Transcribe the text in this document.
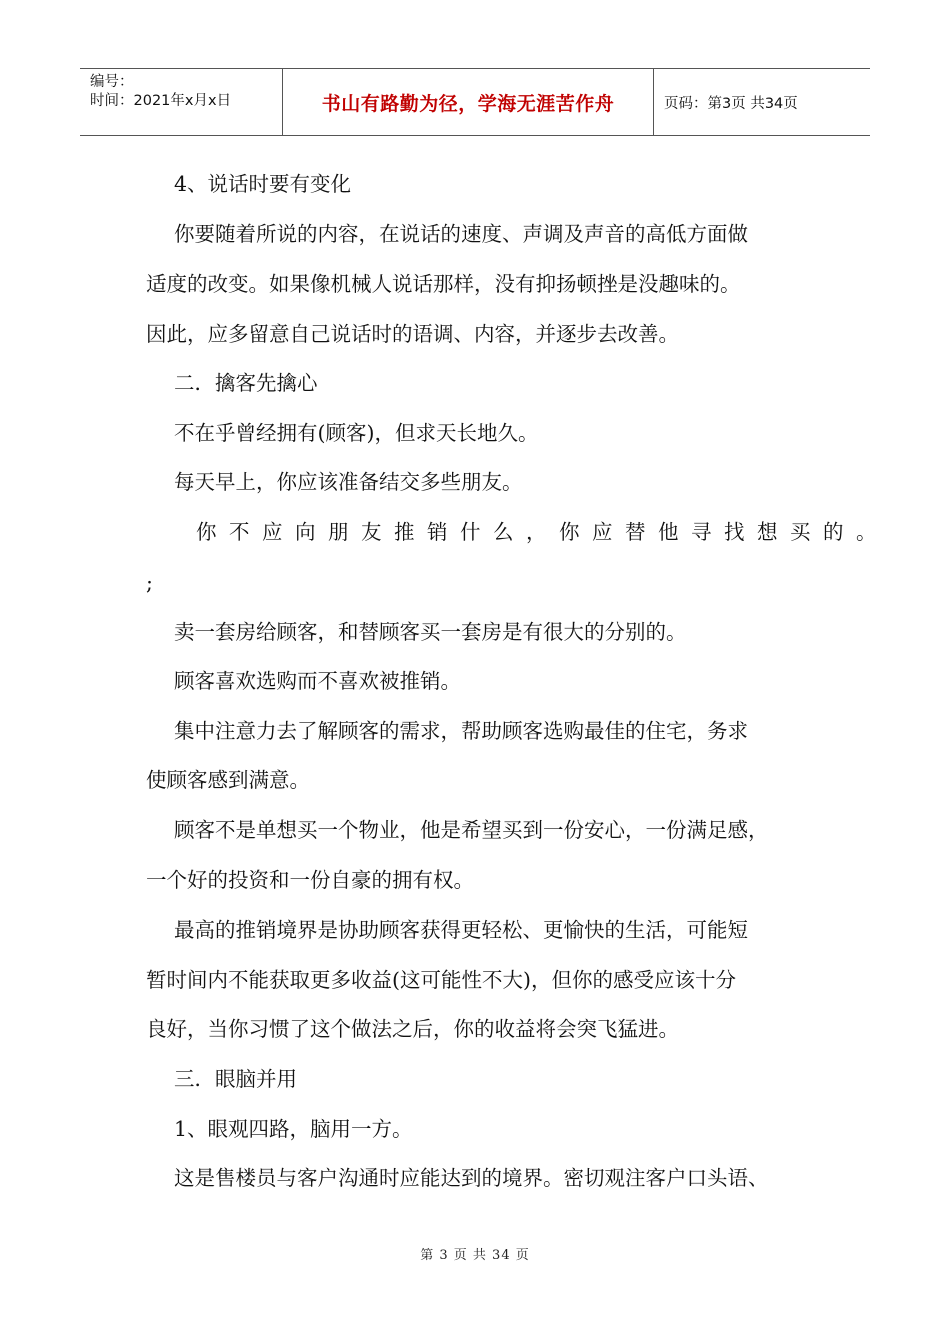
编号：
时间：2021年x月x日	书山有路勤为径，学海无涯苦作舟	页码：第3页 共34页
4、说话时要有变化
你要随着所说的内容，在说话的速度、声调及声音的高低方面做
适度的改变。如果像机械人说话那样，没有抑扬顿挫是没趣味的。
因此，应多留意自己说话时的语调、内容，并逐步去改善。
二．擒客先擒心
不在乎曾经拥有(顾客)，但求天长地久。
每天早上，你应该准备结交多些朋友。
你不应向朋友推销什么，你应替他寻找想买的。
;
卖一套房给顾客，和替顾客买一套房是有很大的分别的。
顾客喜欢选购而不喜欢被推销。
集中注意力去了解顾客的需求，帮助顾客选购最佳的住宅，务求
使顾客感到满意。
顾客不是单想买一个物业，他是希望买到一份安心，一份满足感，
一个好的投资和一份自豪的拥有权。
最高的推销境界是协助顾客获得更轻松、更愉快的生活，可能短
暂时间内不能获取更多收益(这可能性不大)，但你的感受应该十分
良好，当你习惯了这个做法之后，你的收益将会突飞猛进。
三．眼脑并用
1、眼观四路，脑用一方。
这是售楼员与客户沟通时应能达到的境界。密切观注客户口头语、
第 3 页 共 34 页
